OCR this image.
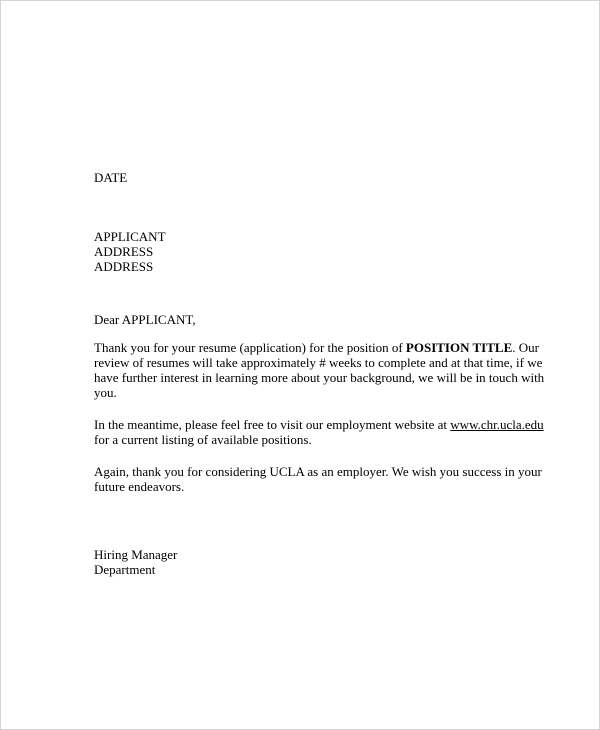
DATE
APPLICANT
ADDRESS
ADDRESS
Dear APPLICANT,
Thank you for your resume (application) for the position of POSITION TITLE. Our review of resumes will take approximately # weeks to complete and at that time, if we have further interest in learning more about your background, we will be in touch with you.
In the meantime, please feel free to visit our employment website at www.chr.ucla.edu for a current listing of available positions.
Again, thank you for considering UCLA as an employer. We wish you success in your future endeavors.
Hiring Manager
Department
